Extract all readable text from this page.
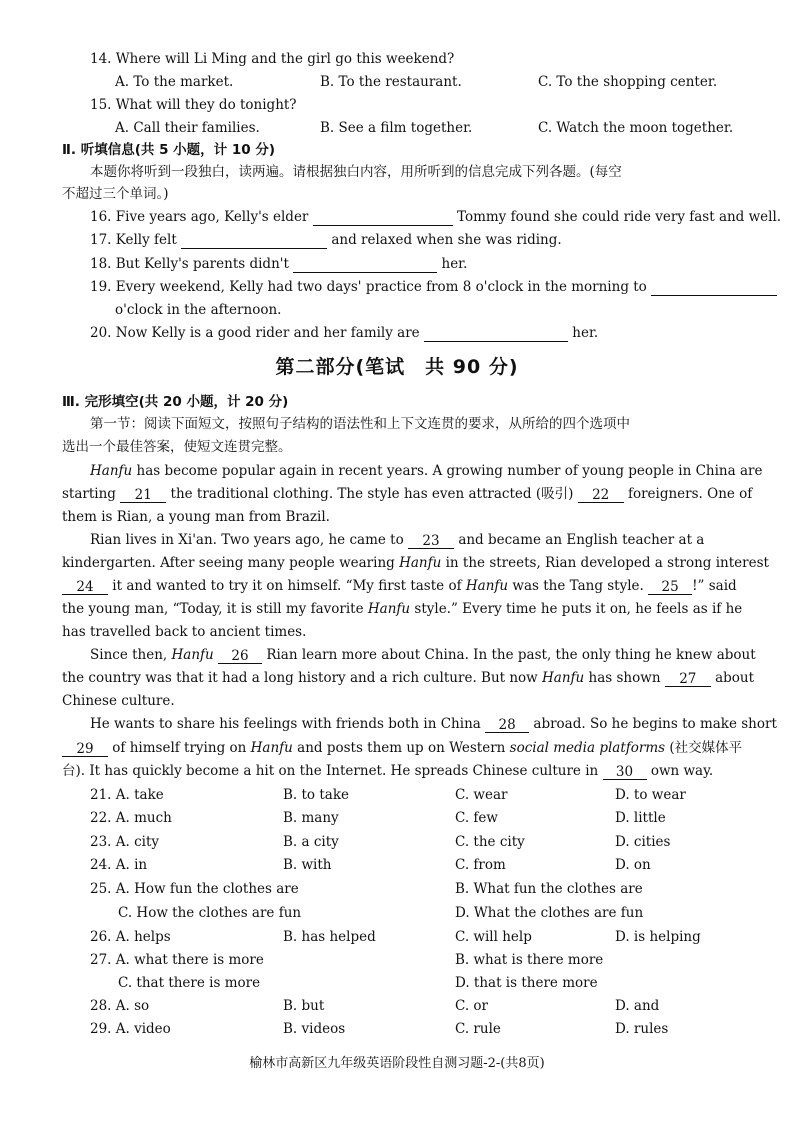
14. Where will Li Ming and the girl go this weekend?
A. To the market.	B. To the restaurant.	C. To the shopping center.
15. What will they do tonight?
A. Call their families.	B. See a film together.	C. Watch the moon together.
Ⅱ. 听填信息(共 5 小题，计 10 分)
本题你将听到一段独白，读两遍。请根据独白内容，用所听到的信息完成下列各题。(每空
不超过三个单词。)
16. Five years ago, Kelly's elder	Tommy found she could ride very fast and well.
17. Kelly felt	and relaxed when she was riding.
18. But Kelly's parents didn't	her.
19. Every weekend, Kelly had two days' practice from 8 o'clock in the morning to
o'clock in the afternoon.
20. Now Kelly is a good rider and her family are	her.
第二部分(笔试　共 90 分)
Ⅲ. 完形填空(共 20 小题，计 20 分)
第一节：阅读下面短文，按照句子结构的语法性和上下文连贯的要求，从所给的四个选项中
选出一个最佳答案，使短文连贯完整。
Hanfu has become popular again in recent years. A growing number of young people in China are
starting 21 the traditional clothing. The style has even attracted (吸引) 22 foreigners. One of
them is Rian, a young man from Brazil.
Rian lives in Xi'an. Two years ago, he came to 23 and became an English teacher at a
kindergarten. After seeing many people wearing Hanfu in the streets, Rian developed a strong interest
24 it and wanted to try it on himself. “My first taste of Hanfu was the Tang style. 25 !” said
the young man, “Today, it is still my favorite Hanfu style.” Every time he puts it on, he feels as if he
has travelled back to ancient times.
Since then, Hanfu 26 Rian learn more about China. In the past, the only thing he knew about
the country was that it had a long history and a rich culture. But now Hanfu has shown 27 about
Chinese culture.
He wants to share his feelings with friends both in China 28 abroad. So he begins to make short
29 of himself trying on Hanfu and posts them up on Western social media platforms (社交媒体平
台). It has quickly become a hit on the Internet. He spreads Chinese culture in 30 own way.
21. A. take	B. to take	C. wear	D. to wear
22. A. much	B. many	C. few	D. little
23. A. city	B. a city	C. the city	D. cities
24. A. in	B. with	C. from	D. on
25. A. How fun the clothes are	B. What fun the clothes are
C. How the clothes are fun	D. What the clothes are fun
26. A. helps	B. has helped	C. will help	D. is helping
27. A. what there is more	B. what is there more
C. that there is more	D. that is there more
28. A. so	B. but	C. or	D. and
29. A. video	B. videos	C. rule	D. rules
榆林市高新区九年级英语阶段性自测习题-2-(共8页)
